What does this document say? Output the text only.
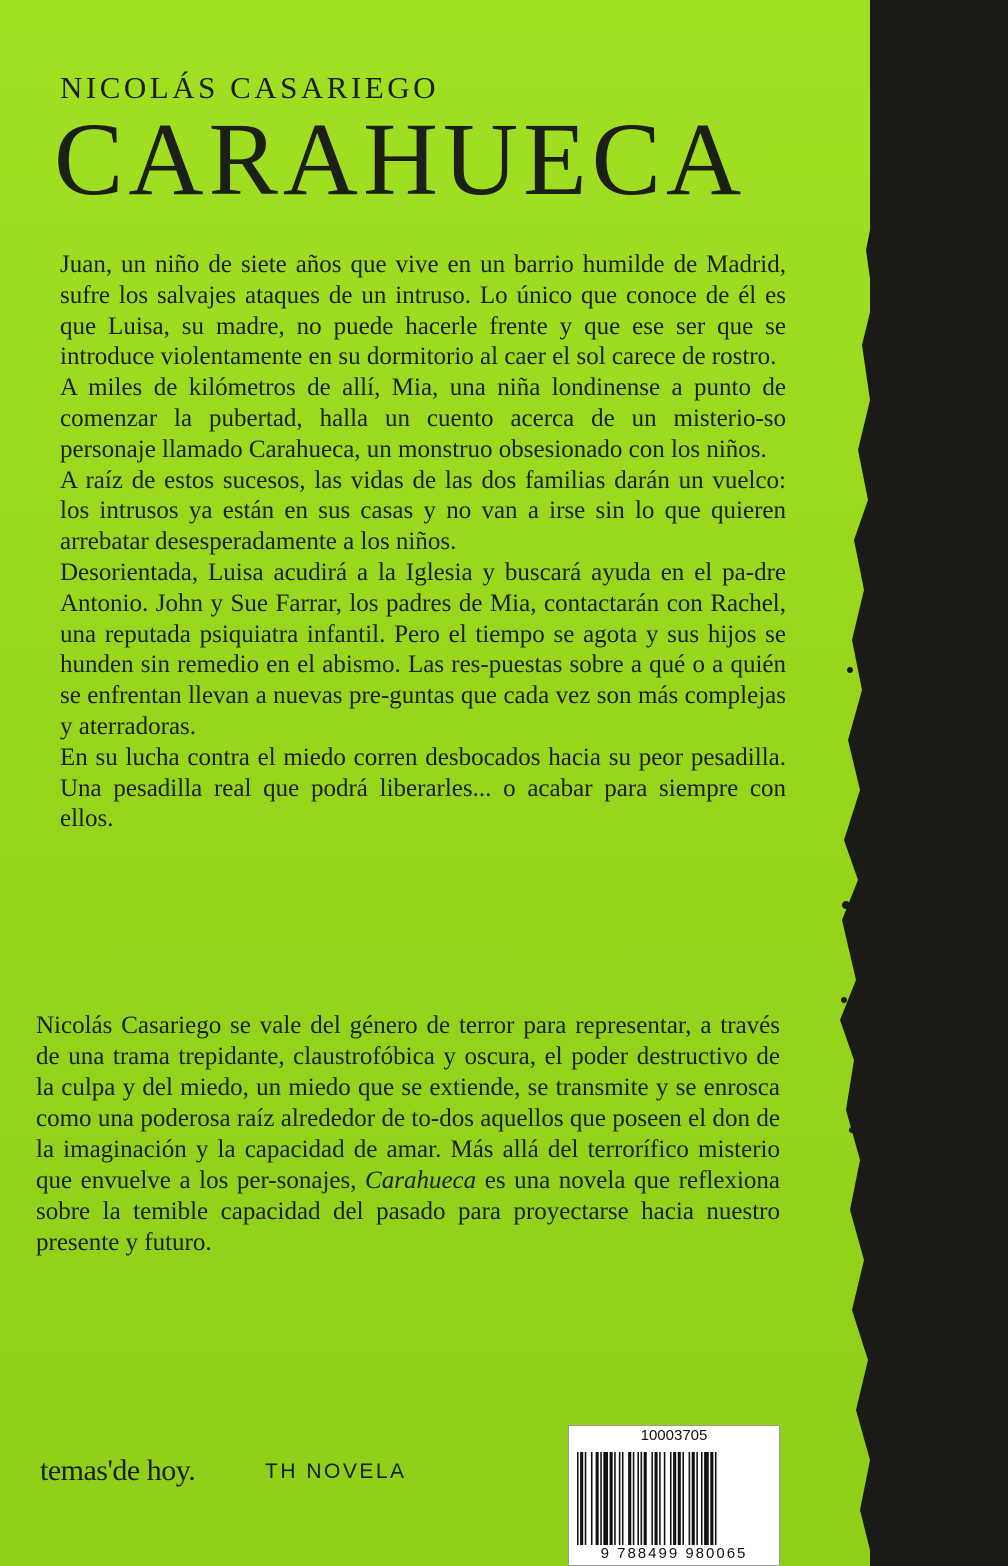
NICOLÁS CASARIEGO
CARAHUECA

Juan, un niño de siete años que vive en un barrio humilde de Madrid, sufre los salvajes ataques de un intruso. Lo único que conoce de él es que Luisa, su madre, no puede hacerle frente y que ese ser que se introduce violentamente en su dormitorio al caer el sol carece de rostro.

A miles de kilómetros de allí, Mia, una niña londinense a punto de comenzar la pubertad, halla un cuento acerca de un misterio-so personaje llamado Carahueca, un monstruo obsesionado con los niños.

A raíz de estos sucesos, las vidas de las dos familias darán un vuelco: los intrusos ya están en sus casas y no van a irse sin lo que quieren arrebatar desesperadamente a los niños.

Desorientada, Luisa acudirá a la Iglesia y buscará ayuda en el pa-dre Antonio. John y Sue Farrar, los padres de Mia, contactarán con Rachel, una reputada psiquiatra infantil. Pero el tiempo se agota y sus hijos se hunden sin remedio en el abismo. Las res-puestas sobre a qué o a quién se enfrentan llevan a nuevas pre-guntas que cada vez son más complejas y aterradoras.

En su lucha contra el miedo corren desbocados hacia su peor pesadilla. Una pesadilla real que podrá liberarles... o acabar para siempre con ellos.

Nicolás Casariego se vale del género de terror para representar, a través de una trama trepidante, claustrofóbica y oscura, el poder destructivo de la culpa y del miedo, un miedo que se extiende, se transmite y se enrosca como una poderosa raíz alrededor de to-dos aquellos que poseen el don de la imaginación y la capacidad de amar. Más allá del terrorífico misterio que envuelve a los per-sonajes, Carahueca es una novela que reflexiona sobre la temible capacidad del pasado para proyectarse hacia nuestro presente y futuro.

temas'de hoy.	TH NOVELA
10003705
9 788499 980065
